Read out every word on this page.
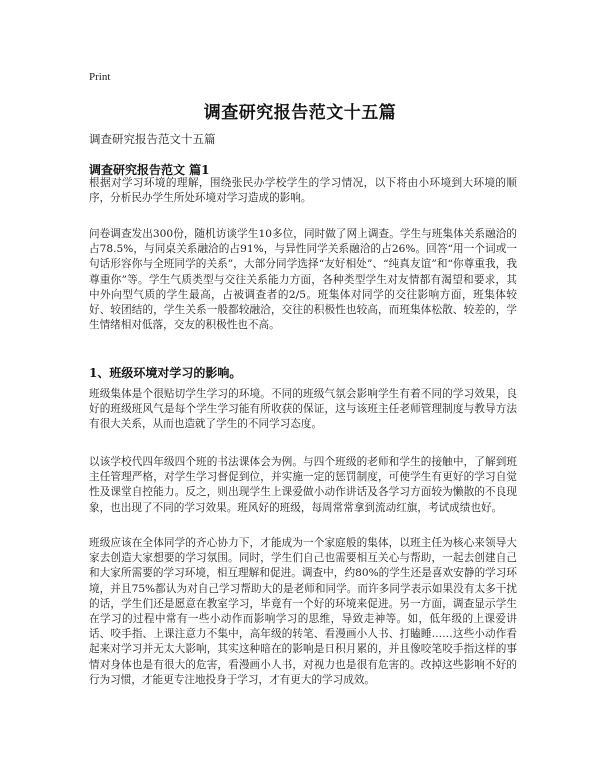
Print
调查研究报告范文十五篇
调查研究报告范文十五篇
调查研究报告范文 篇1

根据对学习环境的理解，围绕张民办学校学生的学习情况，以下将由小环境到大环境的顺序，分析民办学生所处环境对学习造成的影响。

问卷调查发出300份，随机访谈学生10多位，同时做了网上调查。学生与班集体关系融洽的占78.5%，与同桌关系融洽的占91%，与异性同学关系融洽的占26%。回答“用一个词或一句话形容你与全班同学的关系”，大部分同学选择“友好相处”、“纯真友谊”和“你尊重我，我尊重你”等。学生气质类型与交往关系能力方面，各种类型学生对友情都有渴望和要求，其中外向型气质的学生最高，占被调查者的2/5。班集体对同学的交往影响方面，班集体较好、较团结的，学生关系一般都较融洽，交往的积极性也较高，而班集体松散、较差的，学生情绪相对低落，交友的积极性也不高。

1、班级环境对学习的影响。

班级集体是个很贴切学生学习的环境。不同的班级气氛会影响学生有着不同的学习效果，良好的班级班风气是每个学生学习能有所收获的保证，这与该班主任老师管理制度与教导方法有很大关系，从而也造就了学生的不同学习态度。

以该学校代四年级四个班的书法课体会为例。与四个班级的老师和学生的接触中，了解到班主任管理严格，对学生学习督促到位，并实施一定的惩罚制度，可使学生有更好的学习自觉性及课堂自控能力。反之，则出现学生上课爱做小动作讲话及各学习方面较为懒散的不良现象，也出现了不同的学习效果。班风好的班级，每周常常拿到流动红旗，考试成绩也好。

班级应该在全体同学的齐心协力下，才能成为一个家庭般的集体，以班主任为核心来领导大家去创造大家想要的学习氛围。同时，学生们自己也需要相互关心与帮助，一起去创建自己和大家所需要的学习环境，相互理解和促进。调查中，约80%的学生还是喜欢安静的学习环境，并且75%都认为对自己学习帮助大的是老师和同学。而许多同学表示如果没有太多干扰的话，学生们还是愿意在教室学习，毕竟有一个好的环境来促进。另一方面，调查显示学生在学习的过程中常有一些小动作而影响学习的思维，导致走神等。如，低年级的上课爱讲话、咬手指、上课注意力不集中，高年级的转笔、看漫画小人书、打瞌睡……这些小动作看起来对学习并无太大影响，其实这种暗在的影响是日积月累的，并且像咬笔咬手指这样的事情对身体也是有很大的危害，看漫画小人书，对视力也是很有危害的。改掉这些影响不好的行为习惯，才能更专注地投身于学习，才有更大的学习成效。
